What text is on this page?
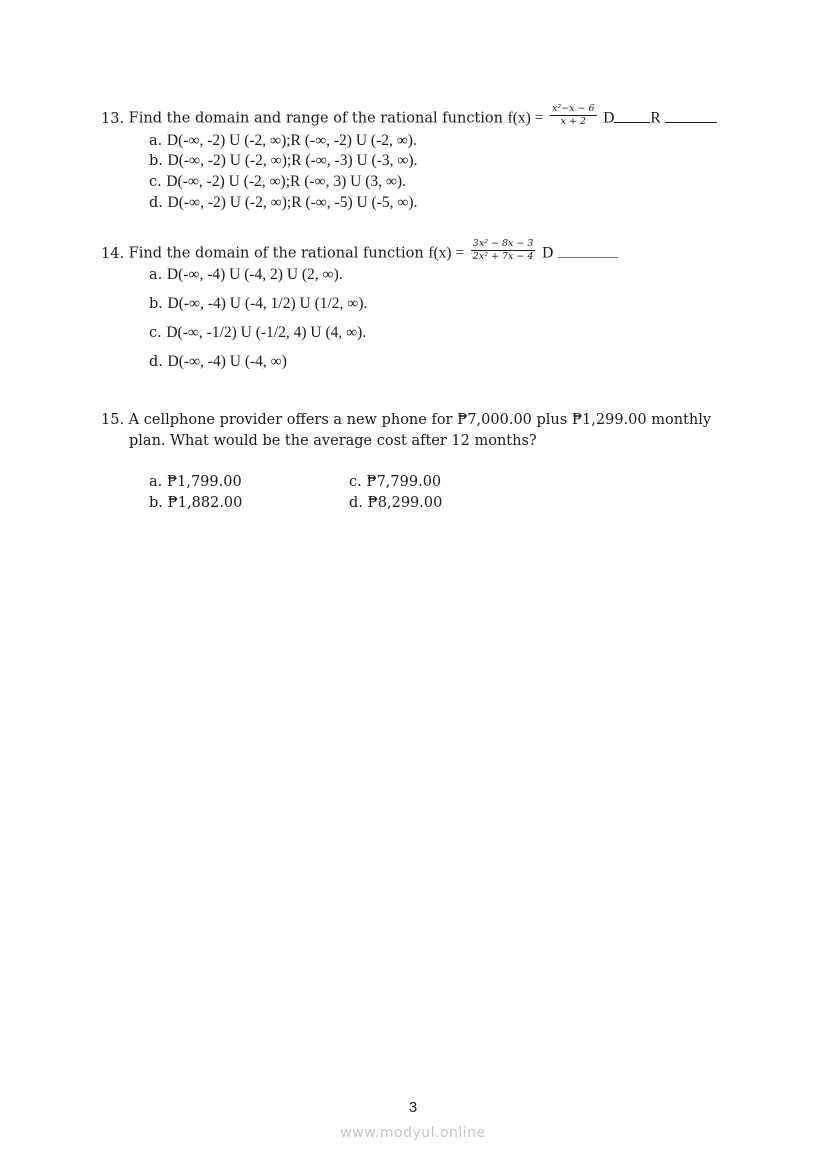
13. Find the domain and range of the rational function $f(x) = \frac{\text{x²−x − 6}}{x + 2}$ D R
a. D(-∞, -2) U (-2, ∞);R (-∞, -2) U (-2, ∞).
b. D(-∞, -2) U (-2, ∞);R (-∞, -3) U (-3, ∞).
c. D(-∞, -2) U (-2, ∞);R (-∞, 3) U (3, ∞).
d. D(-∞, -2) U (-2, ∞);R (-∞, -5) U (-5, ∞).
14. Find the domain of the rational function $f(x) = \frac{\text{3x² − 8x − 3}}{\text{2x² + 7x − 4}}$ D
a. D(-∞, -4) U (-4, 2) U (2, ∞).
b. D(-∞, -4) U (-4, 1/2) U (1/2, ∞).
c. D(-∞, -1/2) U (-1/2, 4) U (4, ∞).
d. D(-∞, -4) U (-4, ∞)
15. A cellphone provider offers a new phone for ₱7,000.00 plus ₱1,299.00 monthly
plan. What would be the average cost after 12 months?
a. ₱1,799.00
b. ₱1,882.00
c. ₱7,799.00
d. ₱8,299.00
3
www.modyul.online
